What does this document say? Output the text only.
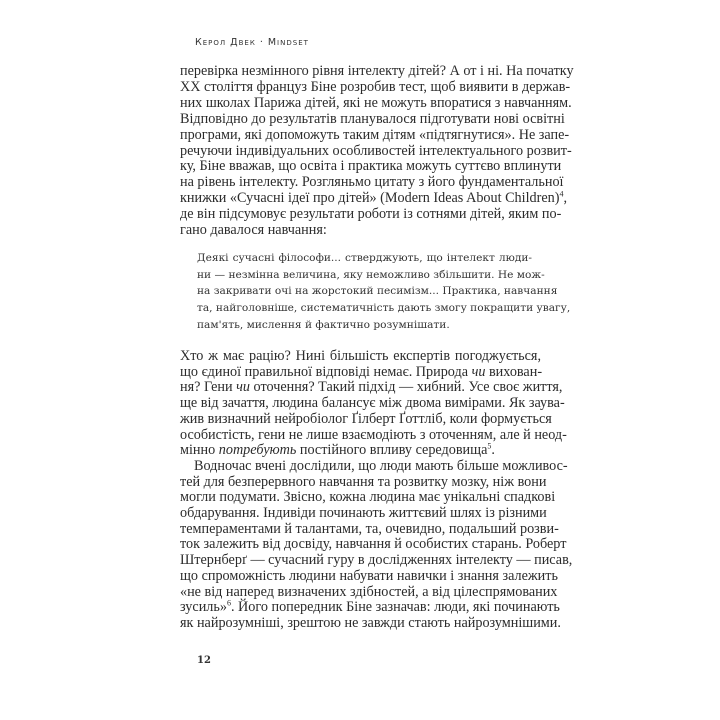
Керол Двек · Mindset
перевірка незмінного рівня інтелекту дітей? А от і ні. На початку
XX століття француз Біне розробив тест, щоб виявити в держав-
них школах Парижа дітей, які не можуть впоратися з навчанням.
Відповідно до результатів планувалося підготувати нові освітні
програми, які допоможуть таким дітям «підтягнутися». Не запе-
речуючи індивідуальних особливостей інтелектуального розвит-
ку, Біне вважав, що освіта і практика можуть суттєво вплинути
на рівень інтелекту. Розгляньмо цитату з його фундаментальної
книжки «Сучасні ідеї про дітей» (Modern Ideas About Children)$^4$,
де він підсумовує результати роботи із сотнями дітей, яким по-
гано давалося навчання:
Деякі сучасні філософи... стверджують, що інтелект люди-
ни — незмінна величина, яку неможливо збільшити. Не мож-
на закривати очі на жорстокий песимізм... Практика, навчання
та, найголовніше, систематичність дають змогу покращити увагу,
пам'ять, мислення й фактично розумнішати.
Хто ж має рацію? Нині більшість експертів погоджується,
що єдиної правильної відповіді немає. Природа чи вихован-
ня? Гени чи оточення? Такий підхід — хибний. Усе своє життя,
ще від зачаття, людина балансує між двома вимірами. Як заува-
жив визначний нейробіолог Ґілберт Ґоттліб, коли формується
особистість, гени не лише взаємодіють з оточенням, але й неод-
мінно потребують постійного впливу середовища$^5$.
Водночас вчені дослідили, що люди мають більше можливос-
тей для безперервного навчання та розвитку мозку, ніж вони
могли подумати. Звісно, кожна людина має унікальні спадкові
обдарування. Індивіди починають життєвий шлях із різними
темпераментами й талантами, та, очевидно, подальший розви-
ток залежить від досвіду, навчання й особистих старань. Роберт
Штернберґ — сучасний гуру в дослідженнях інтелекту — писав,
що спроможність людини набувати навички і знання залежить
«не від наперед визначених здібностей, а від цілеспрямованих
зусиль»$^6$. Його попередник Біне зазначав: люди, які починають
як найрозумніші, зрештою не завжди стають найрозумнішими.
12
